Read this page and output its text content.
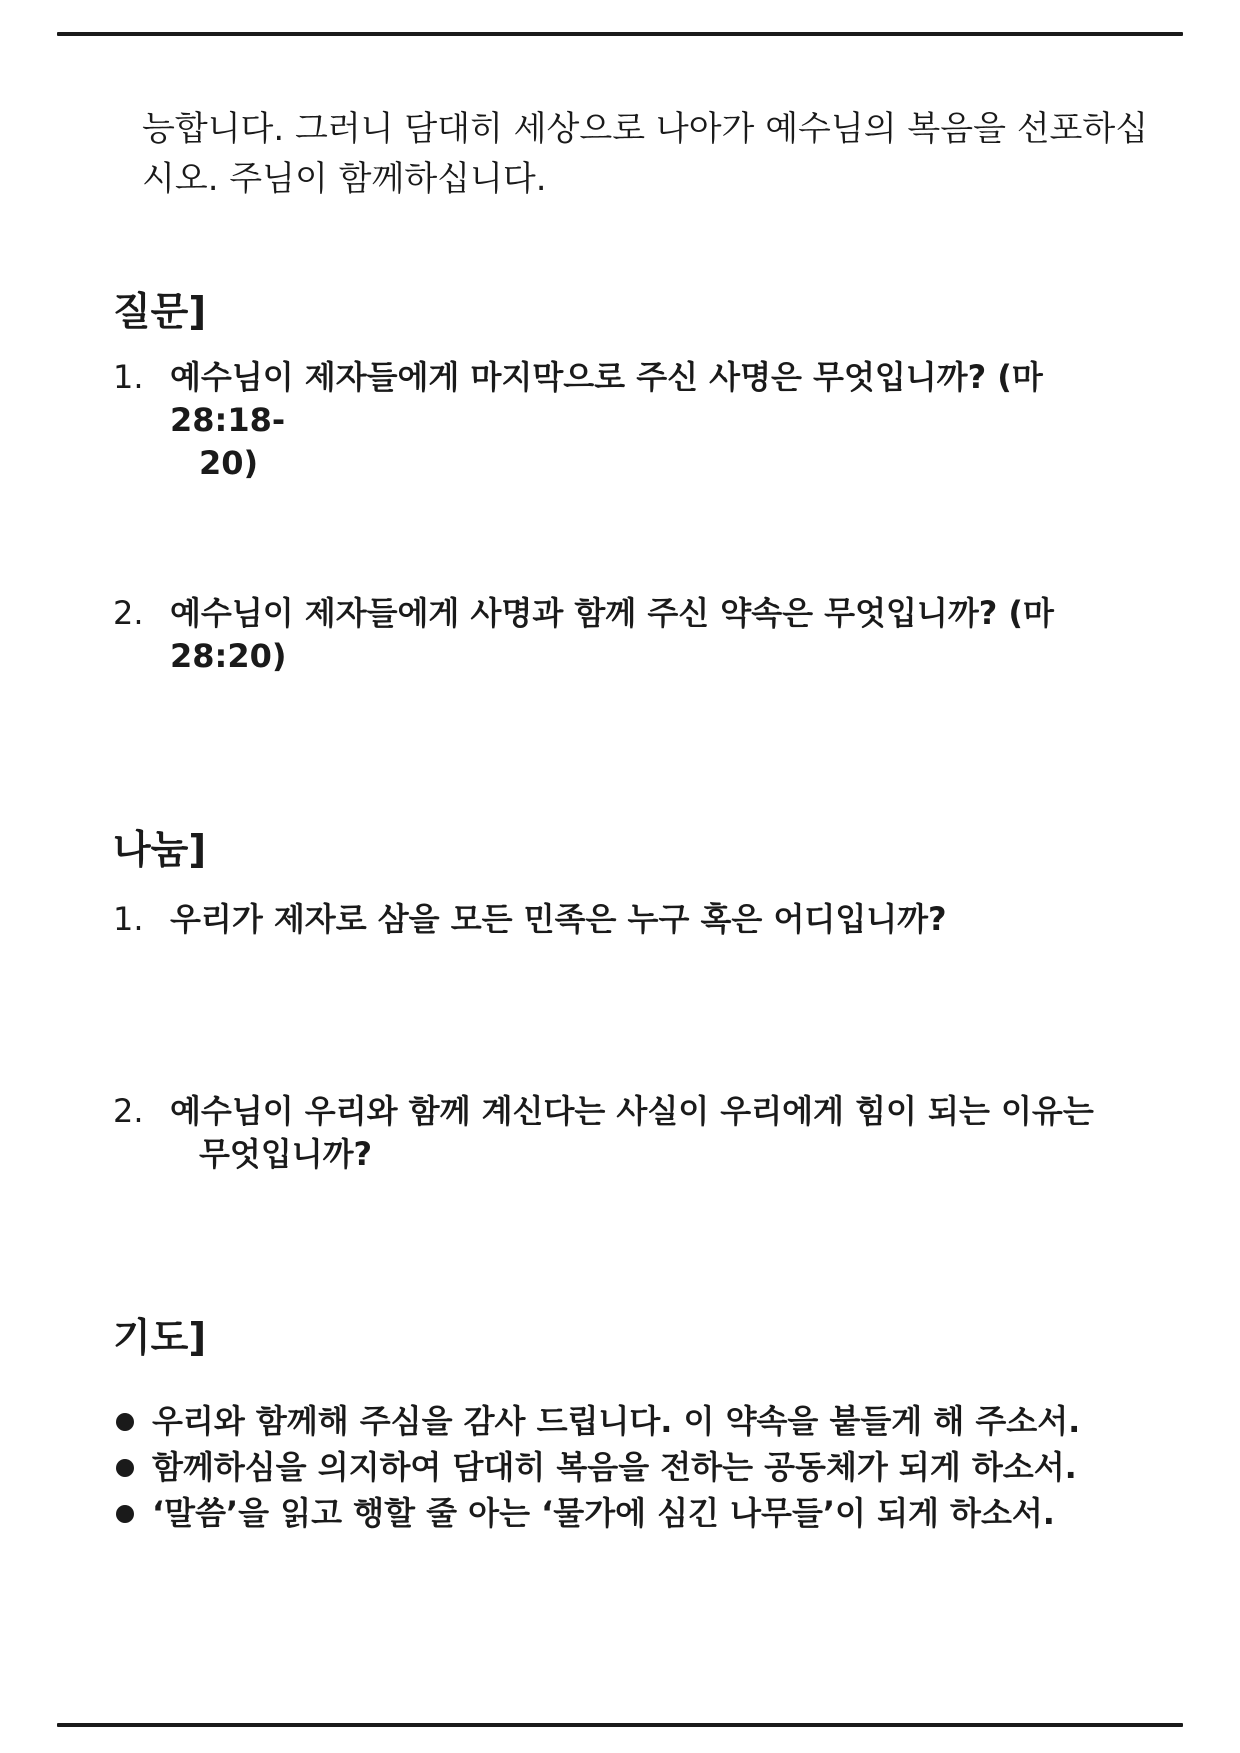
능합니다. 그러니 담대히 세상으로 나아가 예수님의 복음을 선포하십
시오. 주님이 함께하십니다.

질문]
1. 예수님이 제자들에게 마지막으로 주신 사명은 무엇입니까? (마28:18-
20)
2. 예수님이 제자들에게 사명과 함께 주신 약속은 무엇입니까? (마28:20)
나눔]
1. 우리가 제자로 삼을 모든 민족은 누구 혹은 어디입니까?
2. 예수님이 우리와 함께 계신다는 사실이 우리에게 힘이 되는 이유는
무엇입니까?
기도]
우리와 함께해 주심을 감사 드립니다. 이 약속을 붙들게 해 주소서.
함께하심을 의지하여 담대히 복음을 전하는 공동체가 되게 하소서.
‘말씀’을 읽고 행할 줄 아는 ‘물가에 심긴 나무들’이 되게 하소서.
